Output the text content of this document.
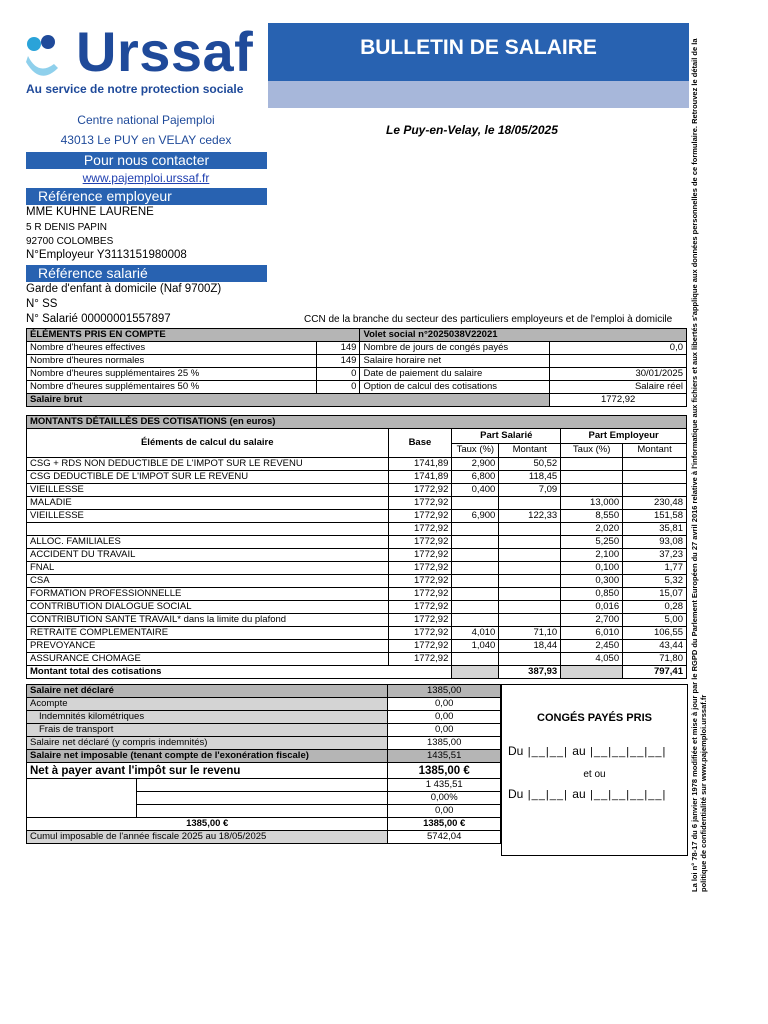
Urssaf
Au service de notre protection sociale
BULLETIN DE SALAIRE
Centre national Pajemploi
43013 Le PUY en VELAY cedex
Pour nous contacter
www.pajemploi.urssaf.fr
Référence employeur
MME KUHNE LAURENE
5 R DENIS PAPIN
92700 COLOMBES
N°Employeur Y3113151980008
Référence salarié
Garde d'enfant à domicile (Naf 9700Z)
N° SS
N° Salarié 00000001557897
Le Puy-en-Velay, le 18/05/2025
CCN de la branche du secteur des particuliers employeurs et de l'emploi à domicile
ÉLÉMENTS PRIS EN COMPTE		Volet social n°2025038V22021	
Nombre d'heures effectives	149	Nombre de jours de congés payés	0,0
Nombre d'heures normales	149	Salaire horaire net	
Nombre d'heures supplémentaires 25 %	0	Date de paiement du salaire	30/01/2025
Nombre d'heures supplémentaires 50 %	0	Option de calcul des cotisations	Salaire réel
Salaire brut			1772,92
MONTANTS DÉTAILLÉS DES COTISATIONS (en euros)					
Éléments de calcul du salaire	Base	Part Salarié		Part Employeur	
		Taux (%)	Montant	Taux (%)	Montant
CSG + RDS NON DEDUCTIBLE DE L'IMPOT SUR LE REVENU	1741,89	2,900	50,52		
CSG DEDUCTIBLE DE L'IMPOT SUR LE REVENU	1741,89	6,800	118,45		
VIEILLESSE	1772,92	0,400	7,09		
MALADIE	1772,92			13,000	230,48
VIEILLESSE	1772,92	6,900	122,33	8,550	151,58
	1772,92			2,020	35,81
ALLOC. FAMILIALES	1772,92			5,250	93,08
ACCIDENT DU TRAVAIL	1772,92			2,100	37,23
FNAL	1772,92			0,100	1,77
CSA	1772,92			0,300	5,32
FORMATION PROFESSIONNELLE	1772,92			0,850	15,07
CONTRIBUTION DIALOGUE SOCIAL	1772,92			0,016	0,28
CONTRIBUTION SANTE TRAVAIL* dans la limite du plafond	1772,92			2,700	5,00
RETRAITE COMPLEMENTAIRE	1772,92	4,010	71,10	6,010	106,55
PREVOYANCE	1772,92	1,040	18,44	2,450	43,44
ASSURANCE CHOMAGE	1772,92			4,050	71,80
Montant total des cotisations			387,93		797,41
Salaire net déclaré		1385,00
Acompte		0,00
Indemnités kilométriques		0,00
Frais de transport		0,00
Salaire net déclaré (y compris indemnités)		1385,00
Salaire net imposable (tenant compte de l'exonération fiscale)		1435,51
Net à payer avant l'impôt sur le revenu		1385,00 €
		1 435,51
		0,00%
		0,00
1385,00 €		1385,00 €
Cumul imposable de l'année fiscale 2025 au 18/05/2025		5742,04
CONGÉS PAYÉS PRIS
Du |__|__| au |__|__|__|__|
et ou
Du |__|__| au |__|__|__|__|	La loi n° 78-17 du 6 janvier 1978 modifiée et mise à jour par le RGPD du Parlement Européen du 27 avril 2016 relative à l'informatique aux fichiers et aux libertés s'applique aux données personnelles de ce formulaire. Retrouvez le détail de la politique de confidentialité sur www.pajemploi.urssaf.fr
